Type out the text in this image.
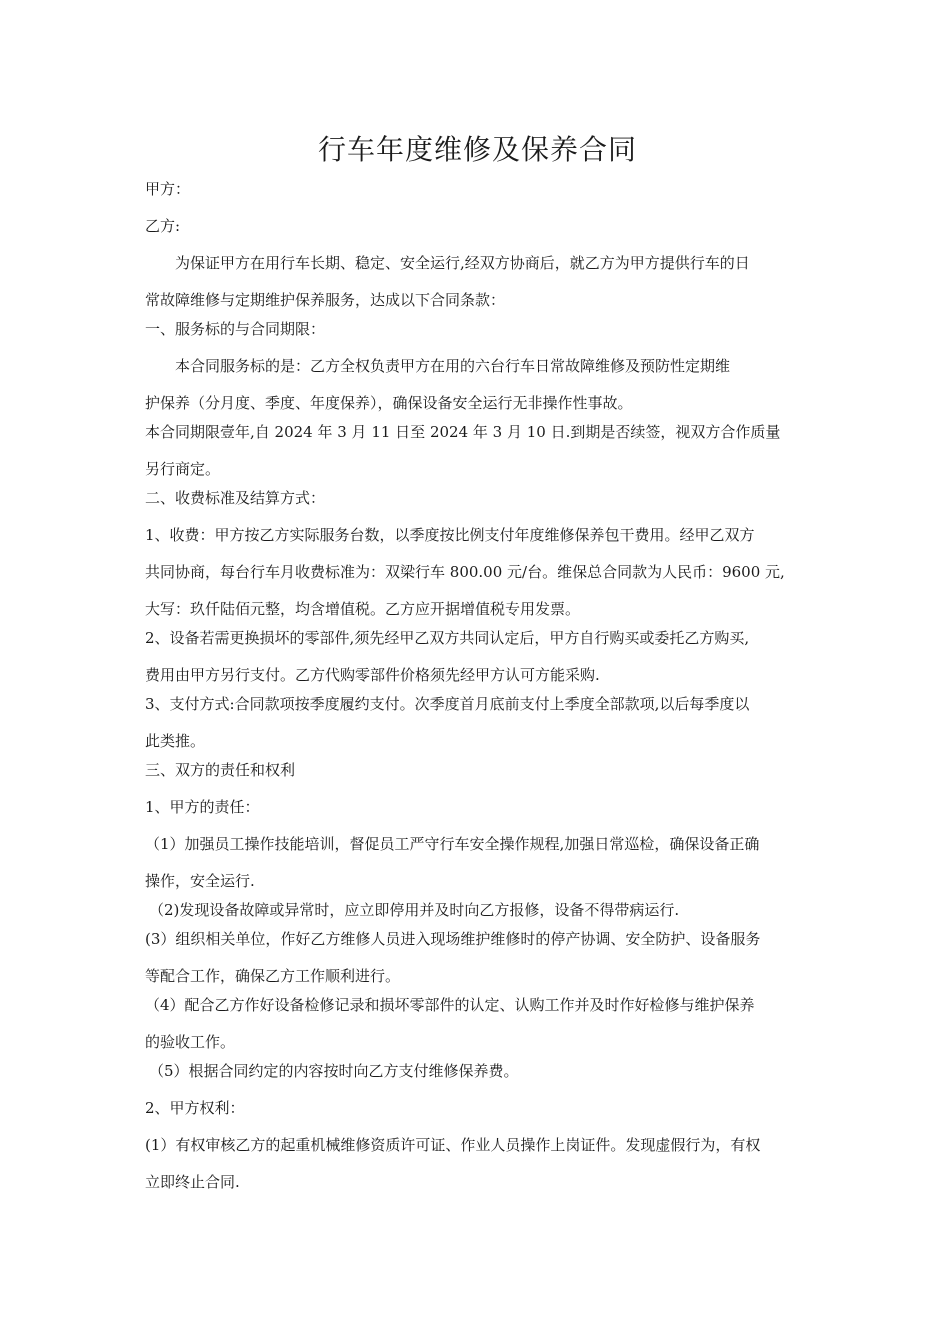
行车年度维修及保养合同

甲方：

乙方:

为保证甲方在用行车长期、稳定、安全运行,经双方协商后，就乙方为甲方提供行车的日

常故障维修与定期维护保养服务，达成以下合同条款：

一、服务标的与合同期限：

本合同服务标的是：乙方全权负责甲方在用的六台行车日常故障维修及预防性定期维

护保养（分月度、季度、年度保养），确保设备安全运行无非操作性事故。

本合同期限壹年,自 2024 年 3 月 11 日至 2024 年 3 月 10 日.到期是否续签，视双方合作质量

另行商定。

二、收费标准及结算方式：

1、收费：甲方按乙方实际服务台数，以季度按比例支付年度维修保养包干费用。经甲乙双方

共同协商，每台行车月收费标准为：双梁行车 800.00 元/台。维保总合同款为人民币：9600 元,

大写：玖仟陆佰元整，均含增值税。乙方应开据增值税专用发票。

2、设备若需更换损坏的零部件,须先经甲乙双方共同认定后，甲方自行购买或委托乙方购买,

费用由甲方另行支付。乙方代购零部件价格须先经甲方认可方能采购.

3、支付方式:合同款项按季度履约支付。次季度首月底前支付上季度全部款项,以后每季度以

此类推。

三、双方的责任和权利

1、甲方的责任：

（1）加强员工操作技能培训，督促员工严守行车安全操作规程,加强日常巡检，确保设备正确

操作，安全运行.

（2)发现设备故障或异常时，应立即停用并及时向乙方报修，设备不得带病运行.

(3）组织相关单位，作好乙方维修人员进入现场维护维修时的停产协调、安全防护、设备服务

等配合工作，确保乙方工作顺利进行。

（4）配合乙方作好设备检修记录和损坏零部件的认定、认购工作并及时作好检修与维护保养

的验收工作。

（5）根据合同约定的内容按时向乙方支付维修保养费。

2、甲方权利：

(1）有权审核乙方的起重机械维修资质许可证、作业人员操作上岗证件。发现虚假行为，有权

立即终止合同.
